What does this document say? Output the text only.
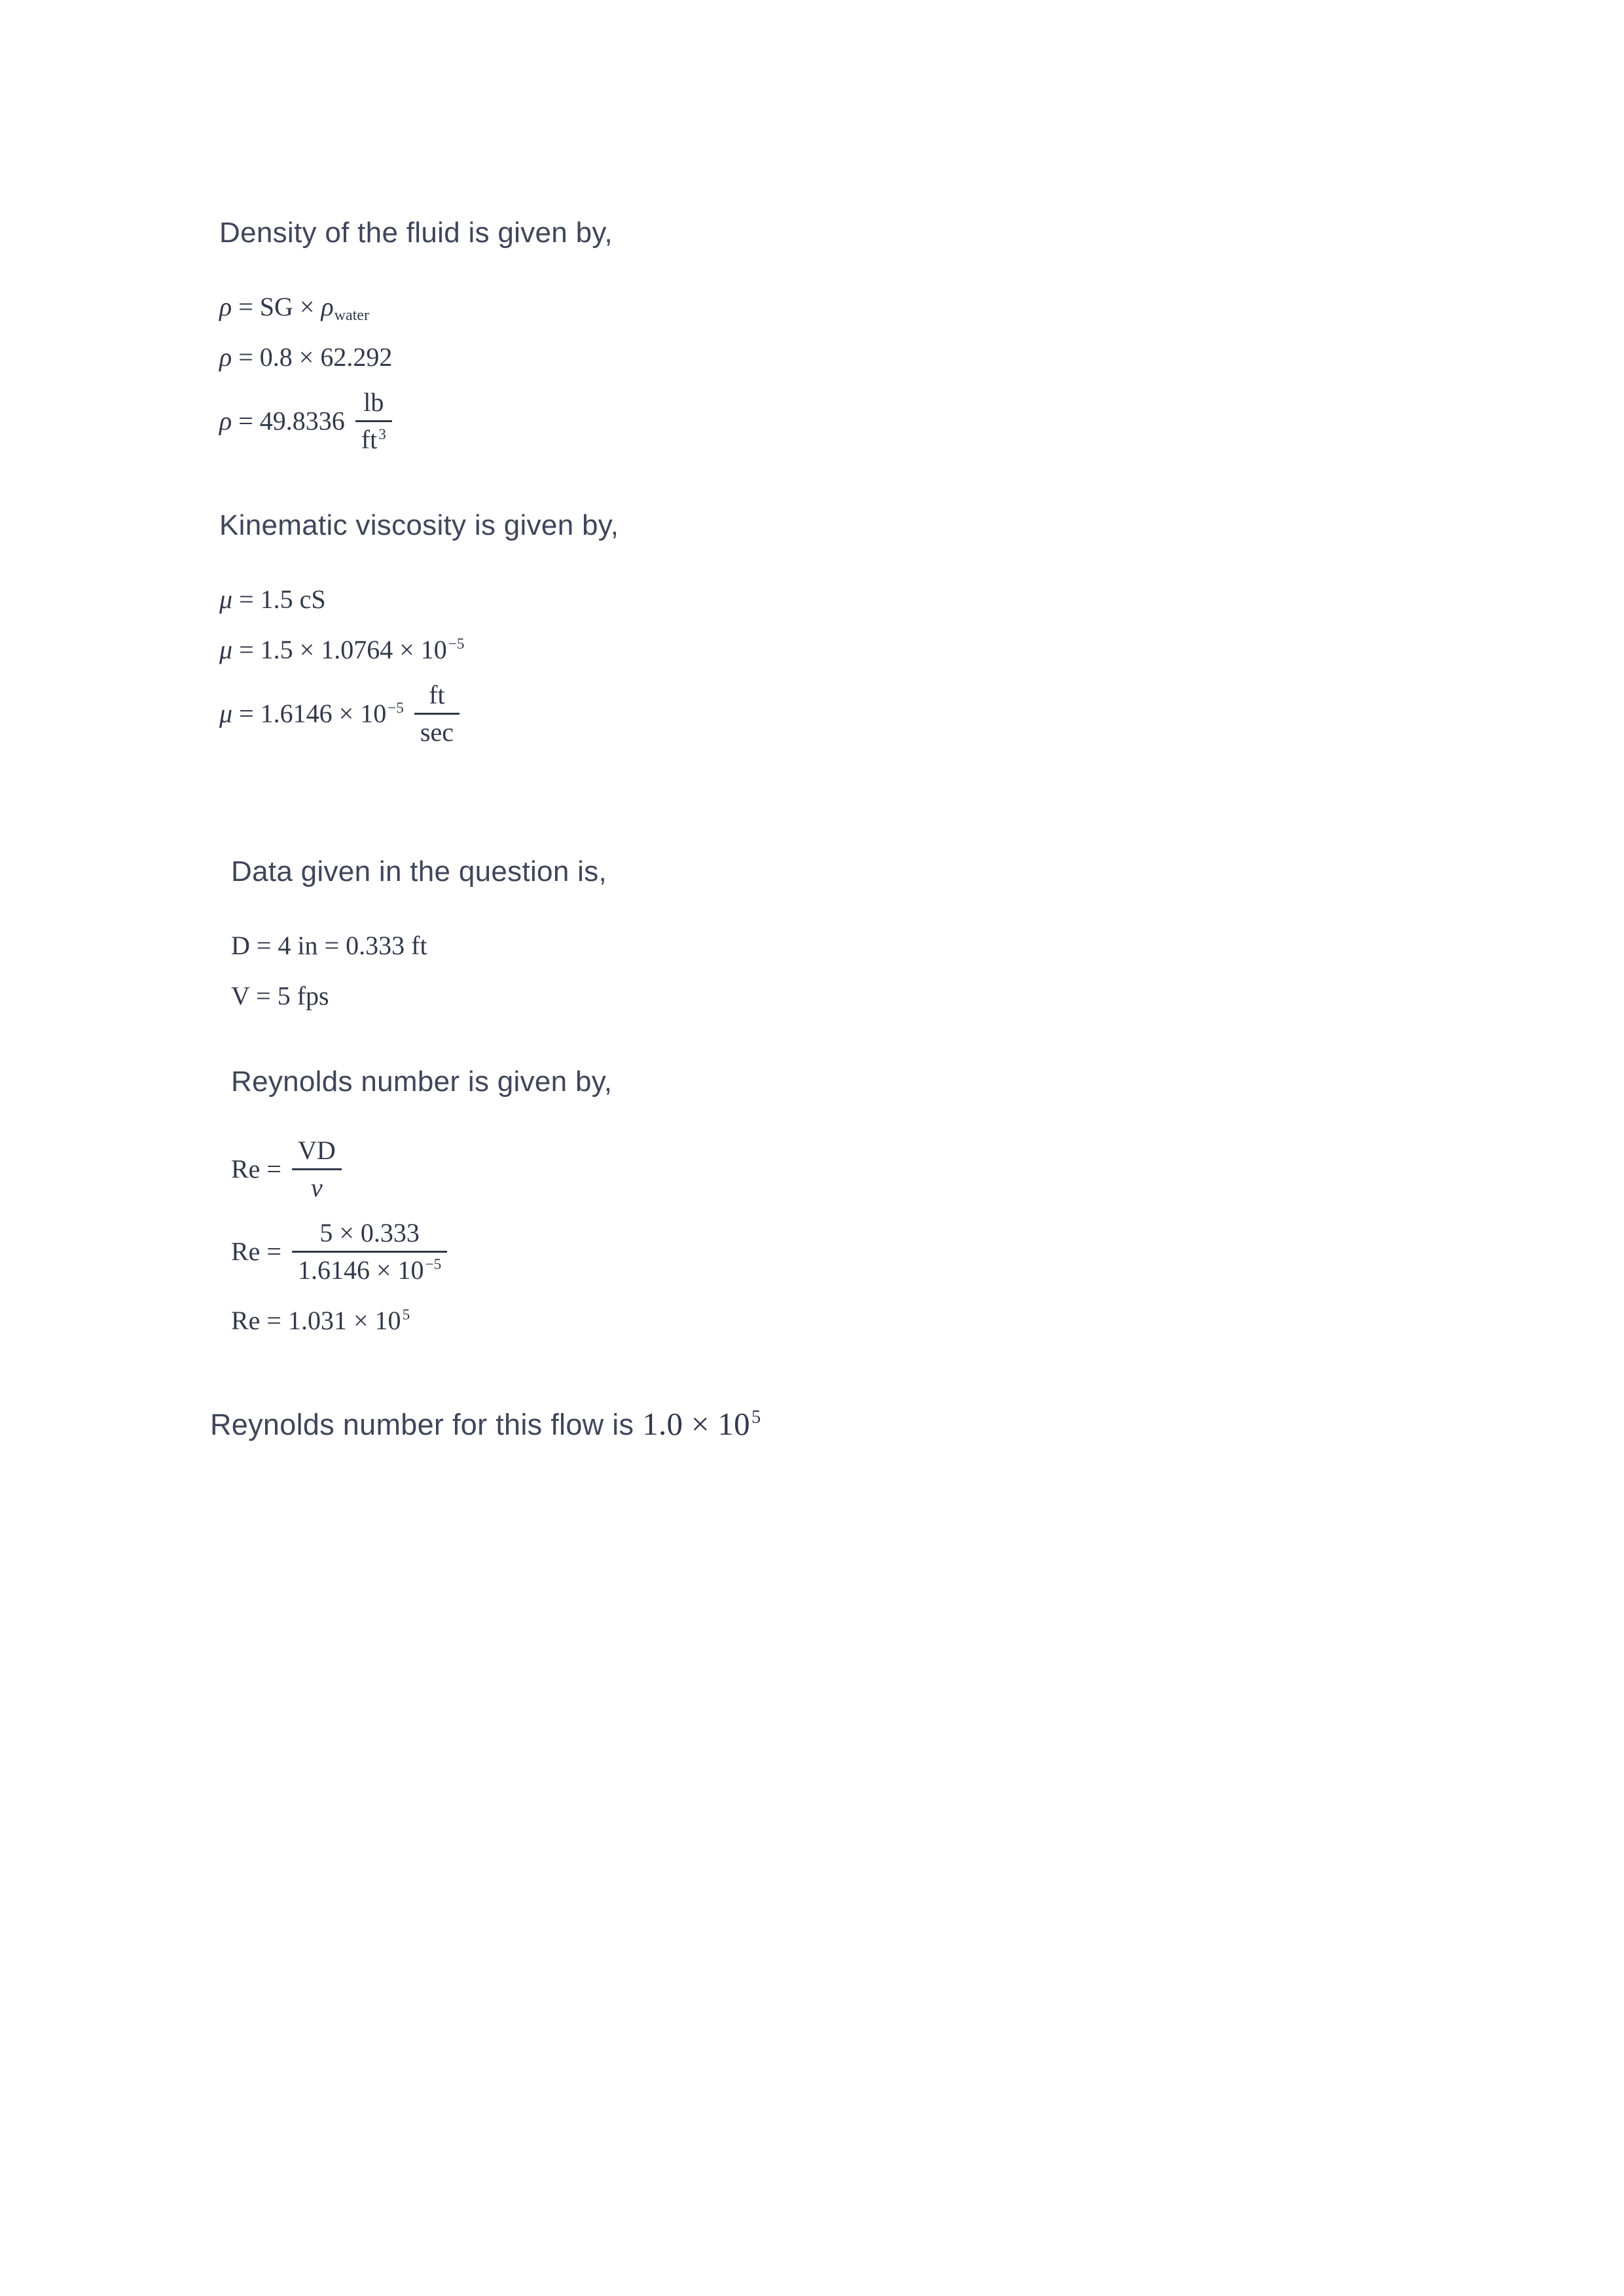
Density of the fluid is given by,
ρ = SG × $\rho_{water}$
ρ = 0.8 × 62.292
$\rho = 49.8336 \frac{lb}{ft^3}$
Kinematic viscosity is given by,
μ = 1.5 cS
$\mu = 1.5 \times 1.0764 \times 10^{-5}$
$\mu = 1.6146 \times 10^{-5} \frac{ft}{\sec}$
Data given in the question is,
D = 4 in = 0.333 ft
V = 5 fps
Reynolds number is given by,
$Re = \frac{VD}{\nu}$
$Re = \frac{5 \times 0.333}{1.6146 \times 10^{-5}}$
$Re = 1.031 \times 10^5$

Reynolds number for this flow is $1.0 \times 10^5$
